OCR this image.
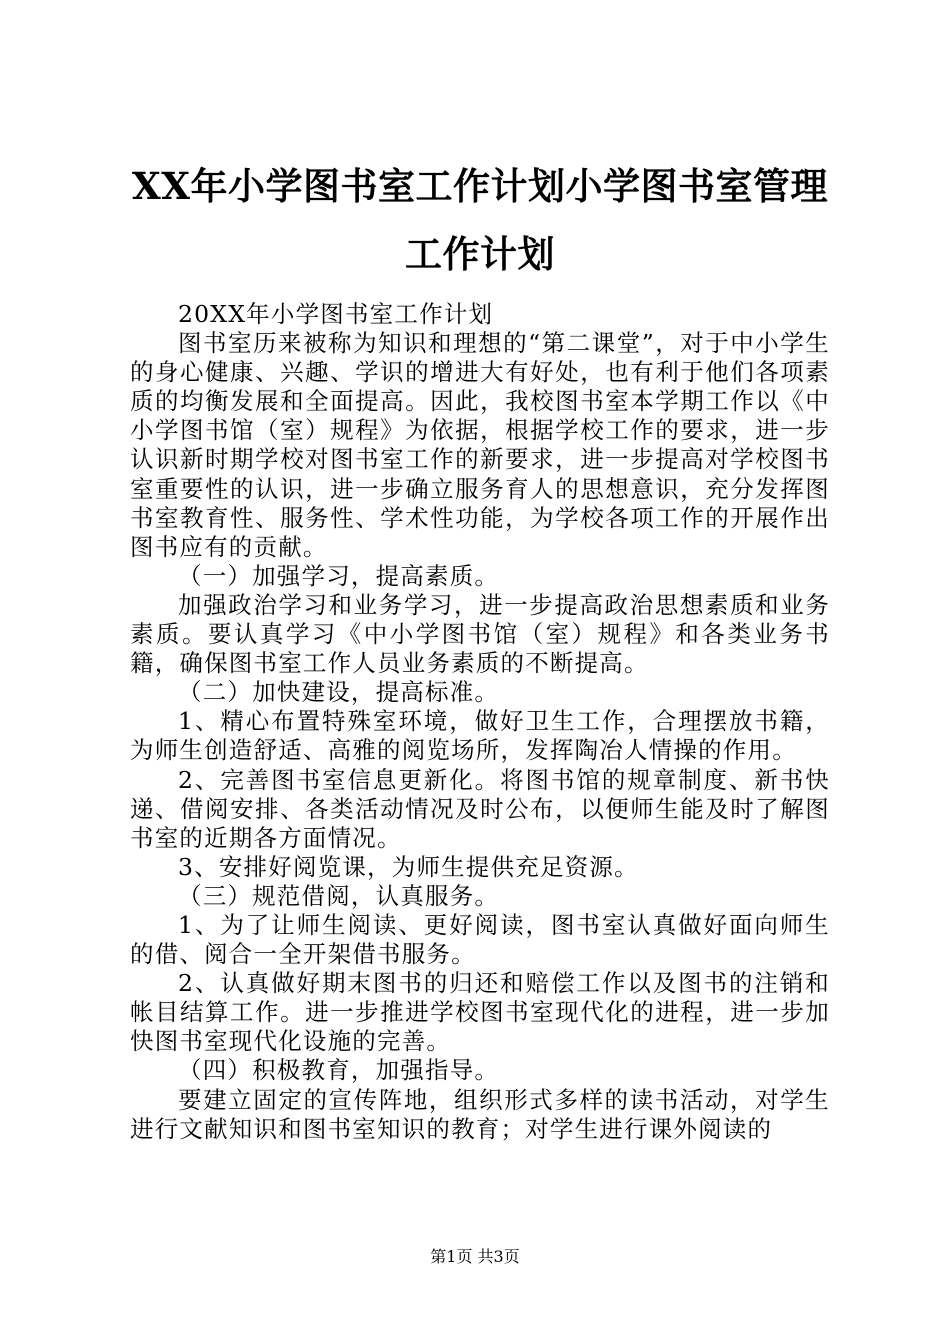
XX年小学图书室工作计划小学图书室管理工作计划

20XX年小学图书室工作计划

图书室历来被称为知识和理想的“第二课堂”，对于中小学生的身心健康、兴趣、学识的增进大有好处，也有利于他们各项素质的均衡发展和全面提高。因此，我校图书室本学期工作以《中小学图书馆（室）规程》为依据，根据学校工作的要求，进一步认识新时期学校对图书室工作的新要求，进一步提高对学校图书室重要性的认识，进一步确立服务育人的思想意识，充分发挥图书室教育性、服务性、学术性功能，为学校各项工作的开展作出图书应有的贡献。

（一）加强学习，提高素质。

加强政治学习和业务学习，进一步提高政治思想素质和业务素质。要认真学习《中小学图书馆（室）规程》和各类业务书籍，确保图书室工作人员业务素质的不断提高。

（二）加快建设，提高标准。

1、精心布置特殊室环境，做好卫生工作，合理摆放书籍，为师生创造舒适、高雅的阅览场所，发挥陶冶人情操的作用。

2、完善图书室信息更新化。将图书馆的规章制度、新书快递、借阅安排、各类活动情况及时公布，以便师生能及时了解图书室的近期各方面情况。

3、安排好阅览课，为师生提供充足资源。

（三）规范借阅，认真服务。

1、为了让师生阅读、更好阅读，图书室认真做好面向师生的借、阅合一全开架借书服务。

2、认真做好期末图书的归还和赔偿工作以及图书的注销和帐目结算工作。进一步推进学校图书室现代化的进程，进一步加快图书室现代化设施的完善。

（四）积极教育，加强指导。

要建立固定的宣传阵地，组织形式多样的读书活动，对学生进行文献知识和图书室知识的教育；对学生进行课外阅读的

第1页 共3页
